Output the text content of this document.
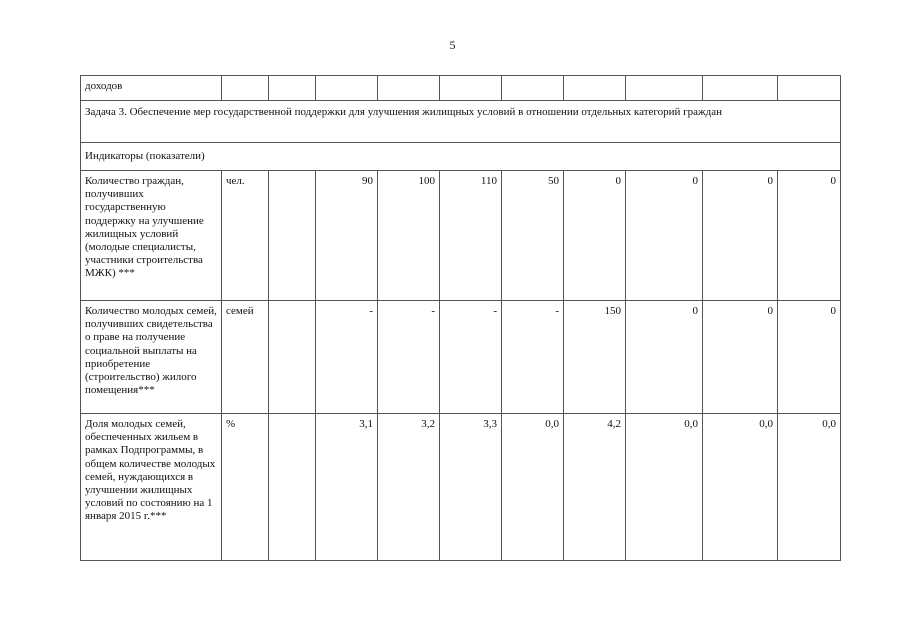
5
доходов										
Задача 3. Обеспечение мер государственной поддержки для улучшения жилищных условий в отношении отдельных категорий граждан										
Индикаторы (показатели)										
Количество граждан, получивших государственную поддержку на улучшение жилищных условий (молодые специалисты, участники строительства МЖК) ***	чел.		90	100	110	50	0	0	0	0
Количество молодых семей, получивших свидетельства о праве на получение социальной выплаты на приобретение (строительство) жилого помещения***	семей		-	-	-	-	150	0	0	0
Доля молодых семей, обеспеченных жильем в рамках Подпрограммы, в общем количестве молодых семей, нуждающихся в улучшении жилищных условий по состоянию на 1 января 2015 г.***	%		3,1	3,2	3,3	0,0	4,2	0,0	0,0	0,0
